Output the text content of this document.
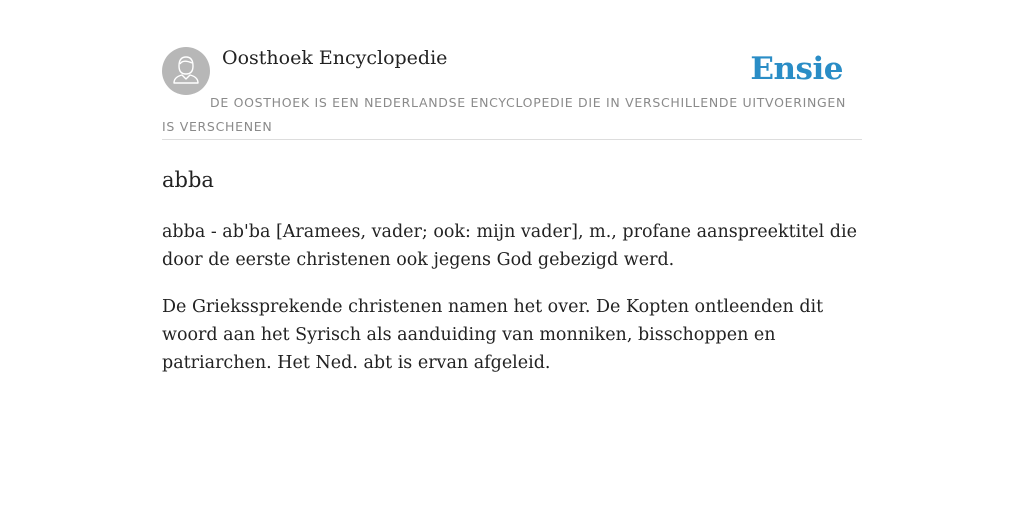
Oosthoek Encyclopedie	Ensie
DE OOSTHOEK IS EEN NEDERLANDSE ENCYCLOPEDIE DIE IN VERSCHILLENDE UITVOERINGEN IS VERSCHENEN
abba

abba - ab'ba [Aramees, vader; ook: mijn vader], m., profane aanspreektitel die door de eerste christenen ook jegens God gebezigd werd.

De Griekssprekende christenen namen het over. De Kopten ontleenden dit woord aan het Syrisch als aanduiding van monniken, bisschoppen en patriarchen. Het Ned. abt is ervan afgeleid.
